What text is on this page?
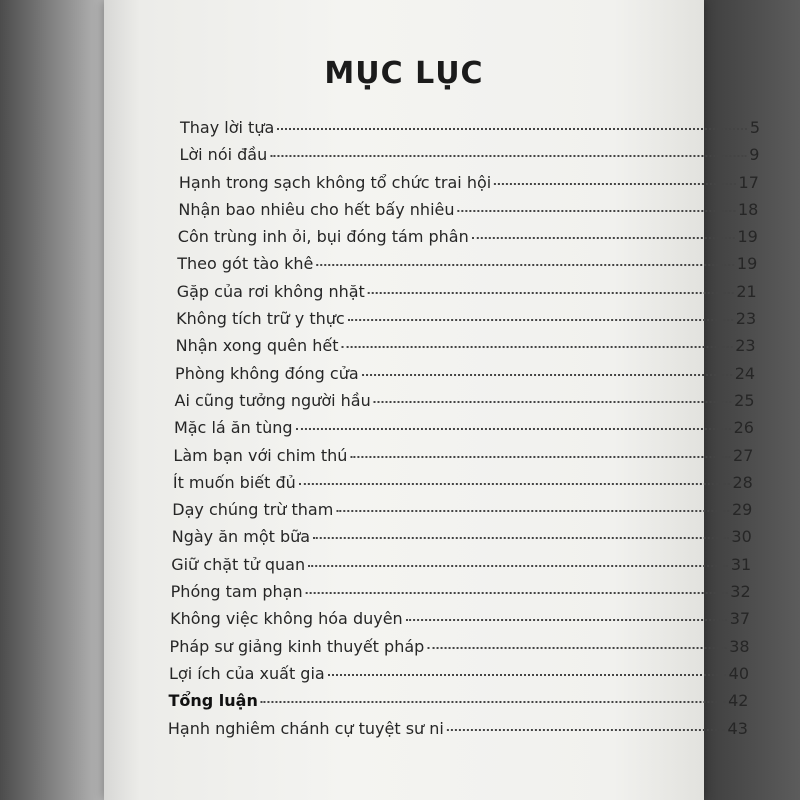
MỤC LỤC
Thay lời tựa	5
Lời nói đầu	9
Hạnh trong sạch không tổ chức trai hội	17
Nhận bao nhiêu cho hết bấy nhiêu	18
Côn trùng inh ỏi, bụi đóng tám phân	19
Theo gót tào khê	19
Gặp của rơi không nhặt	21
Không tích trữ y thực	23
Nhận xong quên hết	23
Phòng không đóng cửa	24
Ai cũng tưởng người hầu	25
Mặc lá ăn tùng	26
Làm bạn với chim thú	27
Ít muốn biết đủ	28
Dạy chúng trừ tham	29
Ngày ăn một bữa	30
Giữ chặt tử quan	31
Phóng tam phạn	32
Không việc không hóa duyên	37
Pháp sư giảng kinh thuyết pháp	38
Lợi ích của xuất gia	40
Tổng luận	42
Hạnh nghiêm chánh cự tuyệt sư ni	43
